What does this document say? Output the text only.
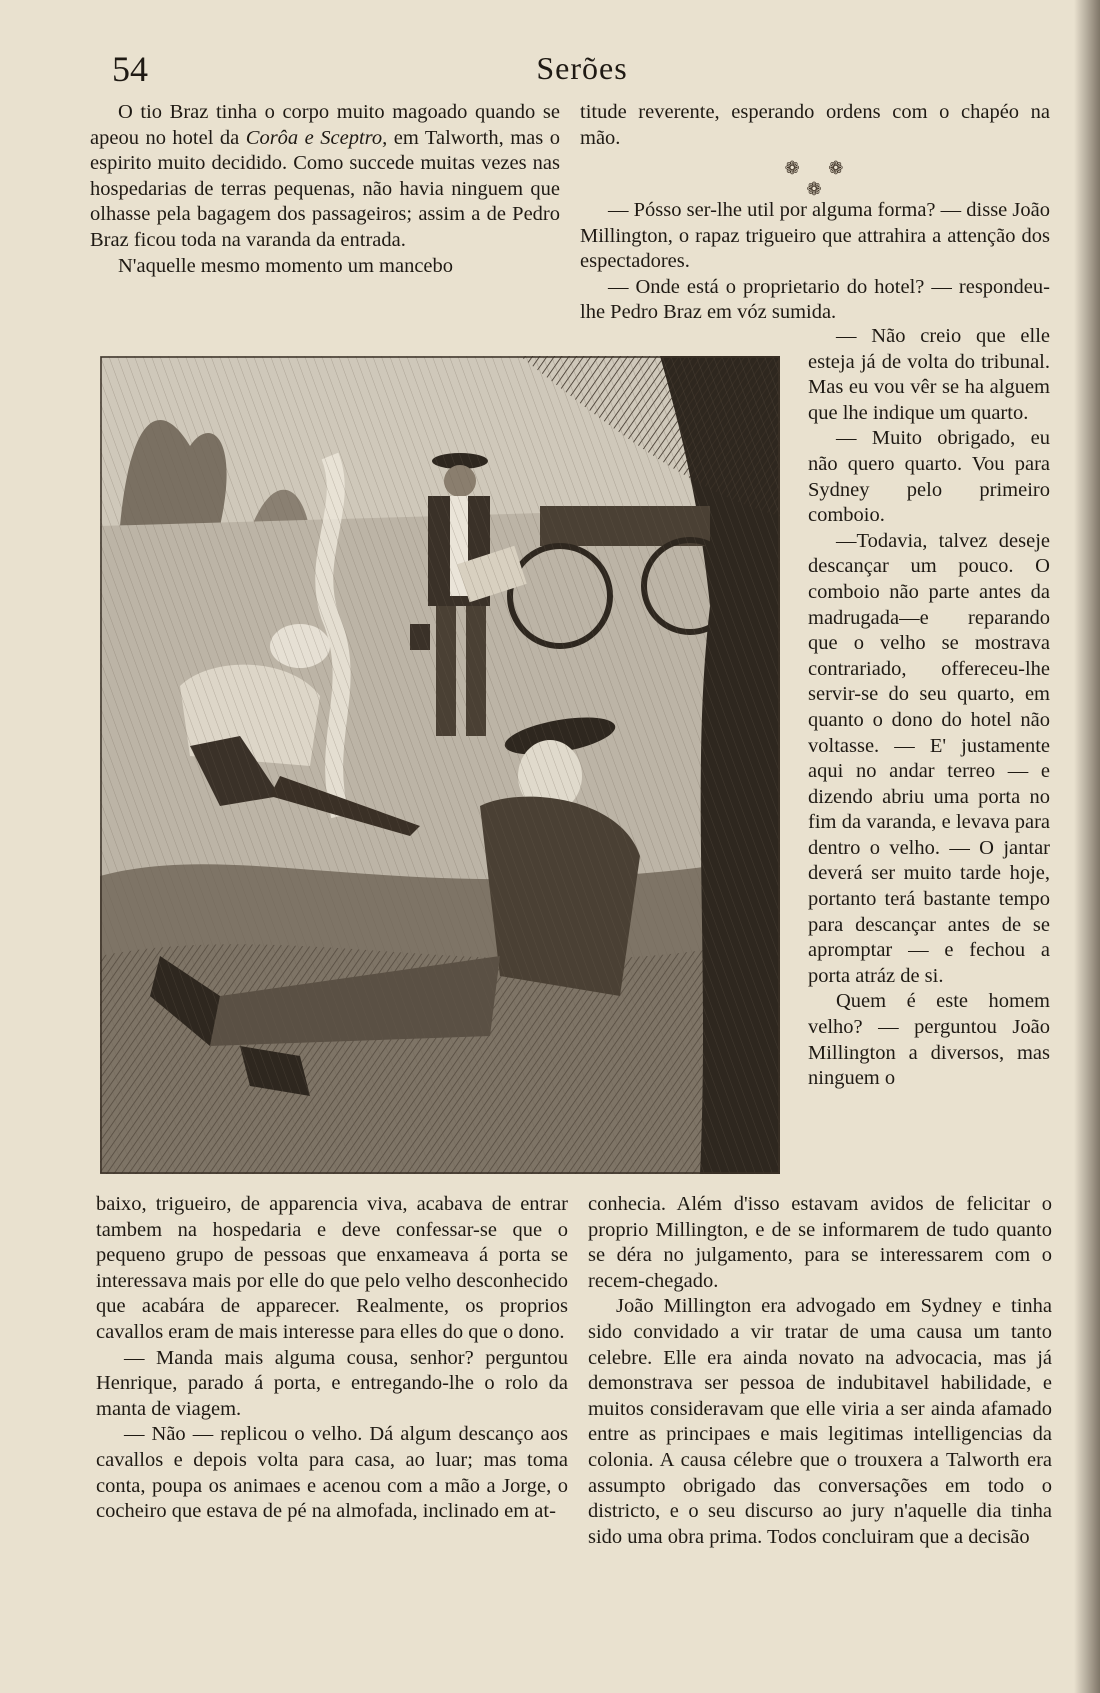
54	Serões

O tio Braz tinha o corpo muito magoado quando se apeou no hotel da Corôa e Sceptro, em Talworth, mas o espirito muito decidido. Como succede muitas vezes nas hospedarias de terras pequenas, não havia ninguem que olhasse pela bagagem dos passageiros; assim a de Pedro Braz ficou toda na varanda da entrada.

N'aquelle mesmo momento um mancebo

titude reverente, esperando ordens com o chapéo na mão.

❁ ❁ ❁

— Pósso ser-lhe util por alguma forma? — disse João Millington, o rapaz trigueiro que attrahira a attenção dos espectadores.

— Onde está o proprietario do hotel? — respondeu-lhe Pedro Braz em vóz sumida.

— Não creio que elle esteja já de volta do tribunal. Mas eu vou vêr se ha alguem que lhe indique um quarto.

— Muito obrigado, eu não quero quarto. Vou para Sydney pelo primeiro comboio.

—Todavia, talvez deseje descançar um pouco. O comboio não parte antes da madrugada—e reparando que o velho se mostrava contrariado, offereceu-lhe servir-se do seu quarto, em quanto o dono do hotel não voltasse. — E' justamente aqui no andar terreo — e dizendo abriu uma porta no fim da varanda, e levava para dentro o velho. — O jantar deverá ser muito tarde hoje, portanto terá bastante tempo para descançar antes de se apromptar — e fechou a porta atráz de si.

Quem é este homem velho? — perguntou João Millington a diversos, mas ninguem o

baixo, trigueiro, de apparencia viva, acabava de entrar tambem na hospedaria e deve confessar-se que o pequeno grupo de pessoas que enxameava á porta se interessava mais por elle do que pelo velho desconhecido que acabára de apparecer. Realmente, os proprios cavallos eram de mais interesse para elles do que o dono.

— Manda mais alguma cousa, senhor? perguntou Henrique, parado á porta, e entregando-lhe o rolo da manta de viagem.

— Não — replicou o velho. Dá algum descanço aos cavallos e depois volta para casa, ao luar; mas toma conta, poupa os animaes e acenou com a mão a Jorge, o cocheiro que estava de pé na almofada, inclinado em at-

conhecia. Além d'isso estavam avidos de felicitar o proprio Millington, e de se informarem de tudo quanto se déra no julgamento, para se interessarem com o recem-chegado.

João Millington era advogado em Sydney e tinha sido convidado a vir tratar de uma causa um tanto celebre. Elle era ainda novato na advocacia, mas já demonstrava ser pessoa de indubitavel habilidade, e muitos consideravam que elle viria a ser ainda afamado entre as principaes e mais legitimas intelligencias da colonia. A causa célebre que o trouxera a Talworth era assumpto obrigado das conversações em todo o districto, e o seu discurso ao jury n'aquelle dia tinha sido uma obra prima. Todos concluiram que a decisão
